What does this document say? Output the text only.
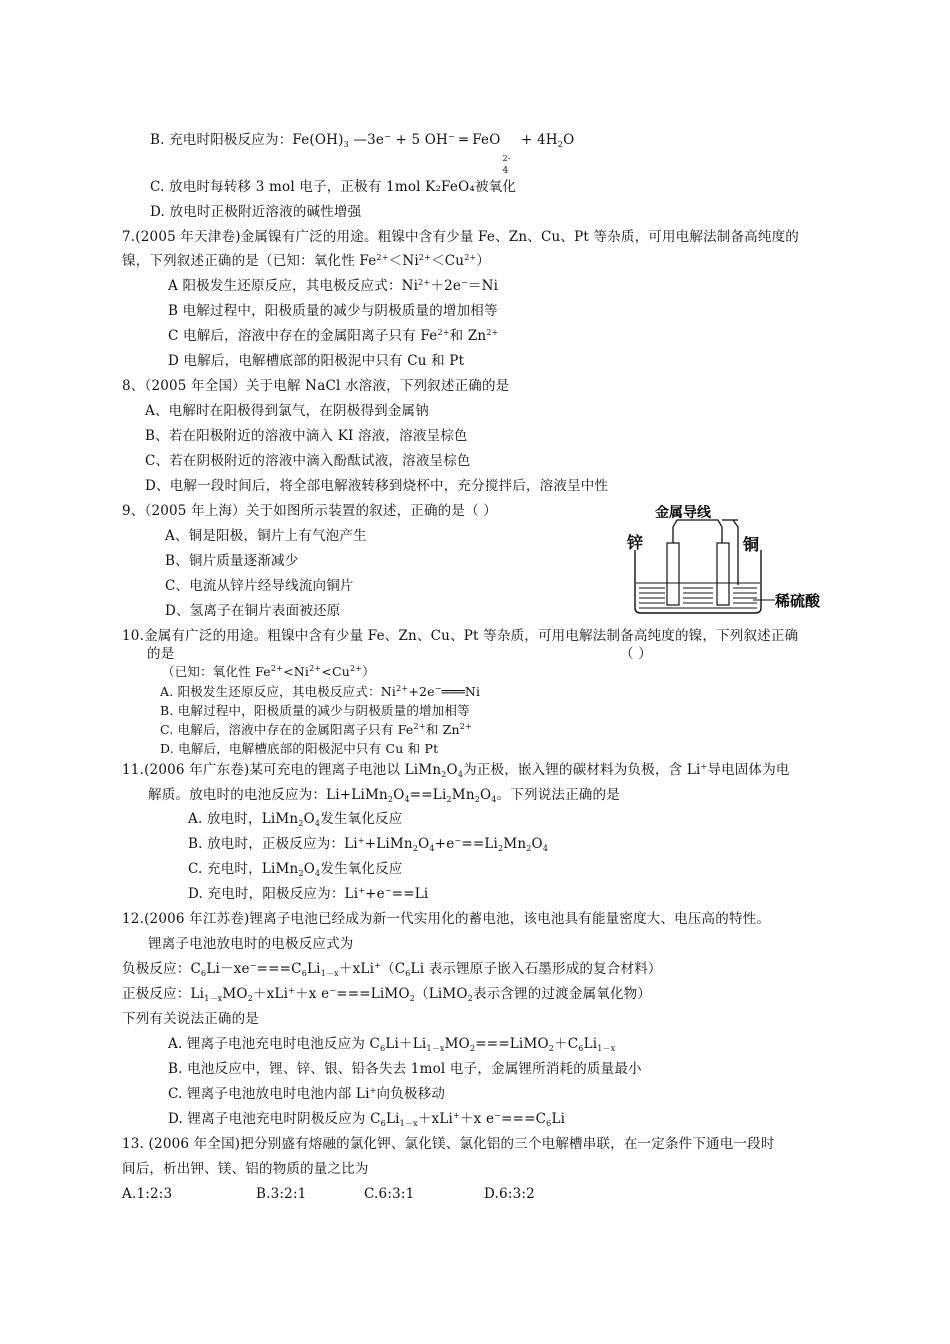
B. 充电时阳极反应为：$Fe(OH)_3$ —3e− + 5 OH− ═ FeO
2-
4
+ $4H_2O$
C. 放电时每转移 3 mol 电子，正极有 1mol K₂FeO₄被氧化
D. 放电时正极附近溶液的碱性增强
7.(2005 年天津卷)金属镍有广泛的用途。粗镍中含有少量 Fe、Zn、Cu、Pt 等杂质，可用电解法制备高纯度的
镍，下列叙述正确的是（已知：氧化性 $Fe^{2+}<Ni^{2+}<Cu^{2+}$）
A 阳极发生还原反应，其电极反应式：$Ni^{2+}+2e^-=Ni$
B 电解过程中，阳极质量的减少与阴极质量的增加相等
C 电解后，溶液中存在的金属阳离子只有 $Fe^{2+}$和 $Zn^{2+}$
D 电解后，电解槽底部的阳极泥中只有 Cu 和 Pt
8、（2005 年全国）关于电解 NaCl 水溶液，下列叙述正确的是
A、电解时在阳极得到氯气，在阴极得到金属钠
B、若在阳极附近的溶液中滴入 KI 溶液，溶液呈棕色
C、若在阴极附近的溶液中滴入酚酞试液，溶液呈棕色
D、电解一段时间后，将全部电解液转移到烧杯中，充分搅拌后，溶液呈中性
9、（2005 年上海）关于如图所示装置的叙述，正确的是（ ）
A、铜是阳极，铜片上有气泡产生
B、铜片质量逐渐减少
C、电流从锌片经导线流向铜片
D、氢离子在铜片表面被还原
金属导线
锌	铜
稀硫酸
10.金属有广泛的用途。粗镍中含有少量 Fe、Zn、Cu、Pt 等杂质，可用电解法制备高纯度的镍，下列叙述正确
的是	（ ）
（已知：氧化性 $Fe^{2+}<Ni^{2+}<Cu^{2+}$）
A. 阳极发生还原反应，其电极反应式：$Ni^{2+}+2e^-═══Ni$
B. 电解过程中，阳极质量的减少与阴极质量的增加相等
C. 电解后，溶液中存在的金属阳离子只有 $Fe^{2+}$和 $Zn^{2+}$
D. 电解后，电解槽底部的阳极泥中只有 Cu 和 Pt
11.(2006 年广东卷)某可充电的锂离子电池以 $LiMn_2O_4$为正极，嵌入锂的碳材料为负极，含 Li+导电固体为电
解质。放电时的电池反应为：$Li+LiMn_2O_4==Li_2Mn_2O_4$。下列说法正确的是
A. 放电时，$LiMn_2O_4$发生氧化反应
B. 放电时，正极反应为：$Li^++LiMn_2O_4+e^-==Li_2Mn_2O_4$
C. 充电时，$LiMn_2O_4$发生氧化反应
D. 充电时，阳极反应为：Li++e−==Li
12.(2006 年江苏卷)锂离子电池已经成为新一代实用化的蓄电池，该电池具有能量密度大、电压高的特性。
锂离子电池放电时的电极反应式为
负极反应：$C_6Li-xe^-===C_6Li_{1-x}+xLi^+(C_6Li$ 表示锂原子嵌入石墨形成的复合材料）
正极反应：$Li_{1-x}MO_2+xLi^++x$ e−===LiMO$_2$（LiMO$_2$表示含锂的过渡金属氧化物）
下列有关说法正确的是
A. 锂离子电池充电时电池反应为 $C_6Li+Li_{1-x}MO_2===LiMO_2+C_6Li_{1-x}$
B. 电池反应中，锂、锌、银、铅各失去 1mol 电子，金属锂所消耗的质量最小
C. 锂离子电池放电时电池内部 Li+向负极移动
D. 锂离子电池充电时阴极反应为 $C_6Li_{1-x}+xLi^++x$ $e^-===C_6Li$
13. (2006 年全国)把分别盛有熔融的氯化钾、氯化镁、氯化铝的三个电解槽串联，在一定条件下通电一段时
间后，析出钾、镁、铝的物质的量之比为
A.1:2:3	B.3:2:1	C.6:3:1	D.6:3:2
